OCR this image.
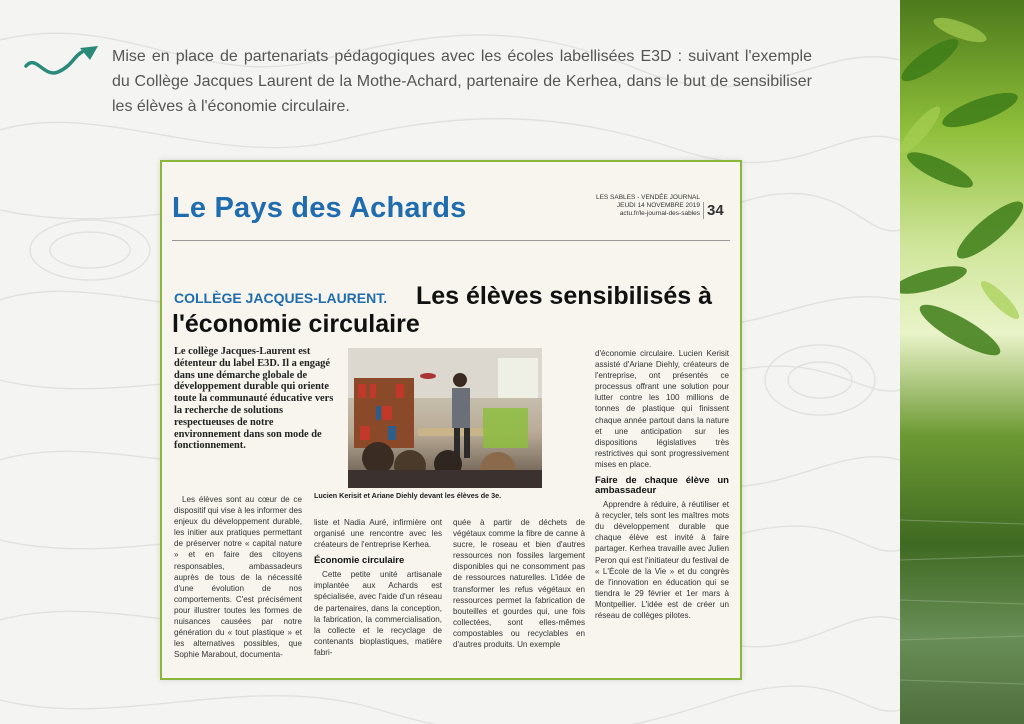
Mise en place de partenariats pédagogiques avec les écoles labellisées E3D : suivant l'exemple du Collège Jacques Laurent de la Mothe-Achard, partenaire de Kerhea, dans le but de sensibiliser les élèves à l'économie circulaire.

Le Pays des Achards	LES SABLES - VENDÉE JOURNAL
JEUDI 14 NOVEMBRE 2019
actu.fr/le-journal-des-sables 34
Les élèves sensibilisés à l'économie circulaire
COLLÈGE JACQUES-LAURENT.

Le collège Jacques-Laurent est détenteur du label E3D. Il a engagé dans une démarche globale de développement durable qui oriente toute la communauté éducative vers la recherche de solutions respectueuses de notre environnement dans son mode de fonctionnement.

Lucien Kerisit et Ariane Diehly devant les élèves de 3e.

Les élèves sont au cœur de ce dispositif qui vise à les informer des enjeux du développement durable, les initier aux pratiques permettant de préserver notre « capital nature » et en faire des citoyens responsables, ambassadeurs auprès de tous de la nécessité d'une évolution de nos comportements. C'est précisément pour illustrer toutes les formes de nuisances causées par notre génération du « tout plastique » et les alternatives possibles, que Sophie Marabout, documenta-

liste et Nadia Auré, infirmière ont organisé une rencontre avec les créateurs de l'entreprise Kerhea.

Économie circulaire

Cette petite unité artisanale implantée aux Achards est spécialisée, avec l'aide d'un réseau de partenaires, dans la conception, la fabrication, la commercialisation, la collecte et le recyclage de contenants bioplastiques, matière fabri-

quée à partir de déchets de végétaux comme la fibre de canne à sucre, le roseau et bien d'autres ressources non fossiles largement disponibles qui ne consomment pas de ressources naturelles. L'idée de transformer les refus végétaux en ressources permet la fabrication de bouteilles et gourdes qui, une fois collectées, sont elles-mêmes compostables ou recyclables en d'autres produits. Un exemple

d'économie circulaire. Lucien Kerisit assisté d'Ariane Diehly, créateurs de l'entreprise, ont présentés ce processus offrant une solution pour lutter contre les 100 millions de tonnes de plastique qui finissent chaque année partout dans la nature et une anticipation sur les dispositions législatives très restrictives qui sont progressivement mises en place.

Faire de chaque élève un ambassadeur

Apprendre à réduire, à réutiliser et à recycler, tels sont les maîtres mots du développement durable que chaque élève est invité à faire partager. Kerhea travaille avec Julien Peron qui est l'initiateur du festival de « L'École de la Vie » et du congrès de l'innovation en éducation qui se tiendra le 29 février et 1er mars à Montpellier. L'idée est de créer un réseau de collèges pilotes.
